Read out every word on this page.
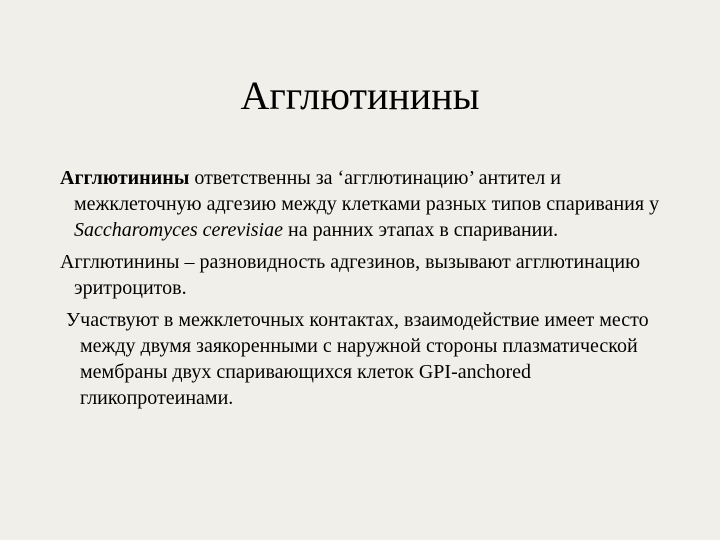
Агглютинины

Агглютинины ответственны за ‘агглютинацию’ антител и межклеточную адгезию между клетками разных типов спаривания у Saccharomyces cerevisiae на ранних этапах в спаривании.

Агглютинины – разновидность адгезинов, вызывают агглютинацию эритроцитов.

Участвуют в межклеточных контактах, взаимодействие имеет место между двумя заякоренными с наружной стороны плазматической мембраны двух спаривающихся клеток GPI-anchored гликопротеинами.
